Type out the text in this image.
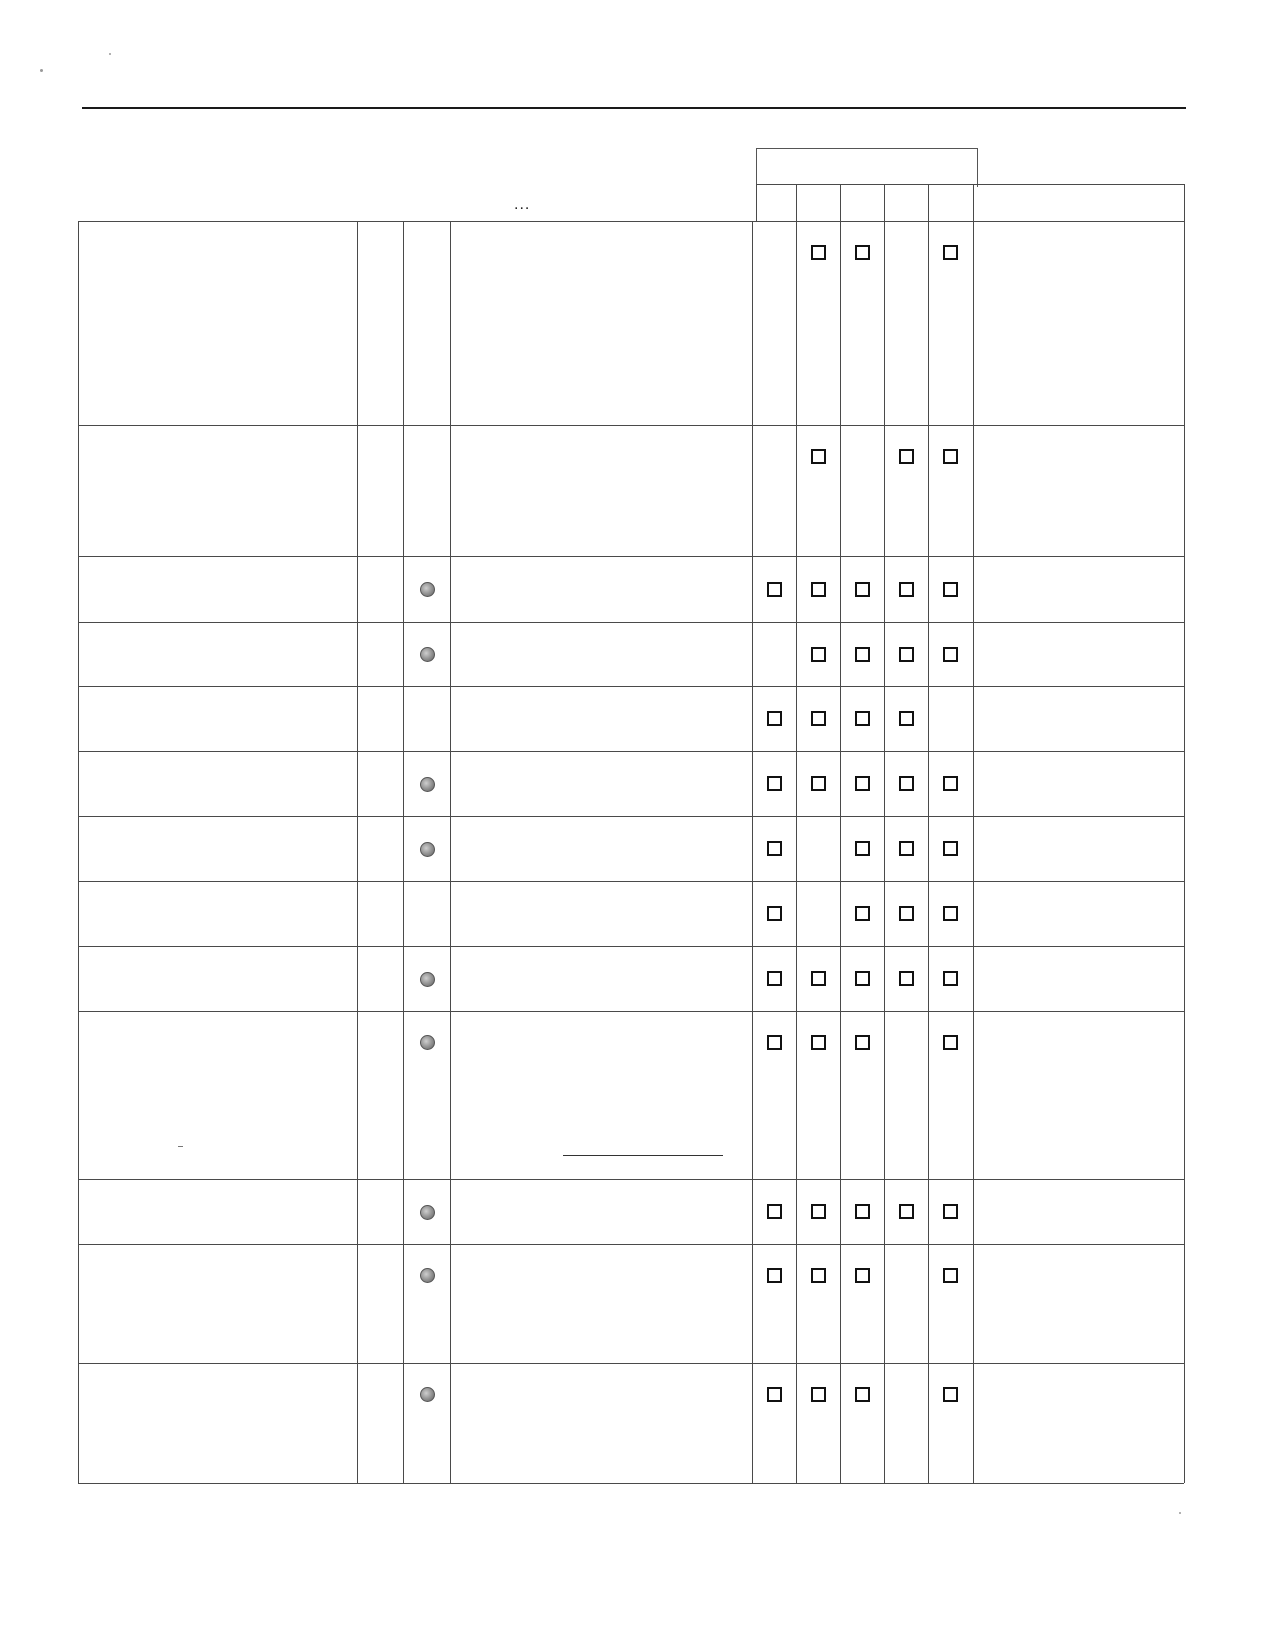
...
